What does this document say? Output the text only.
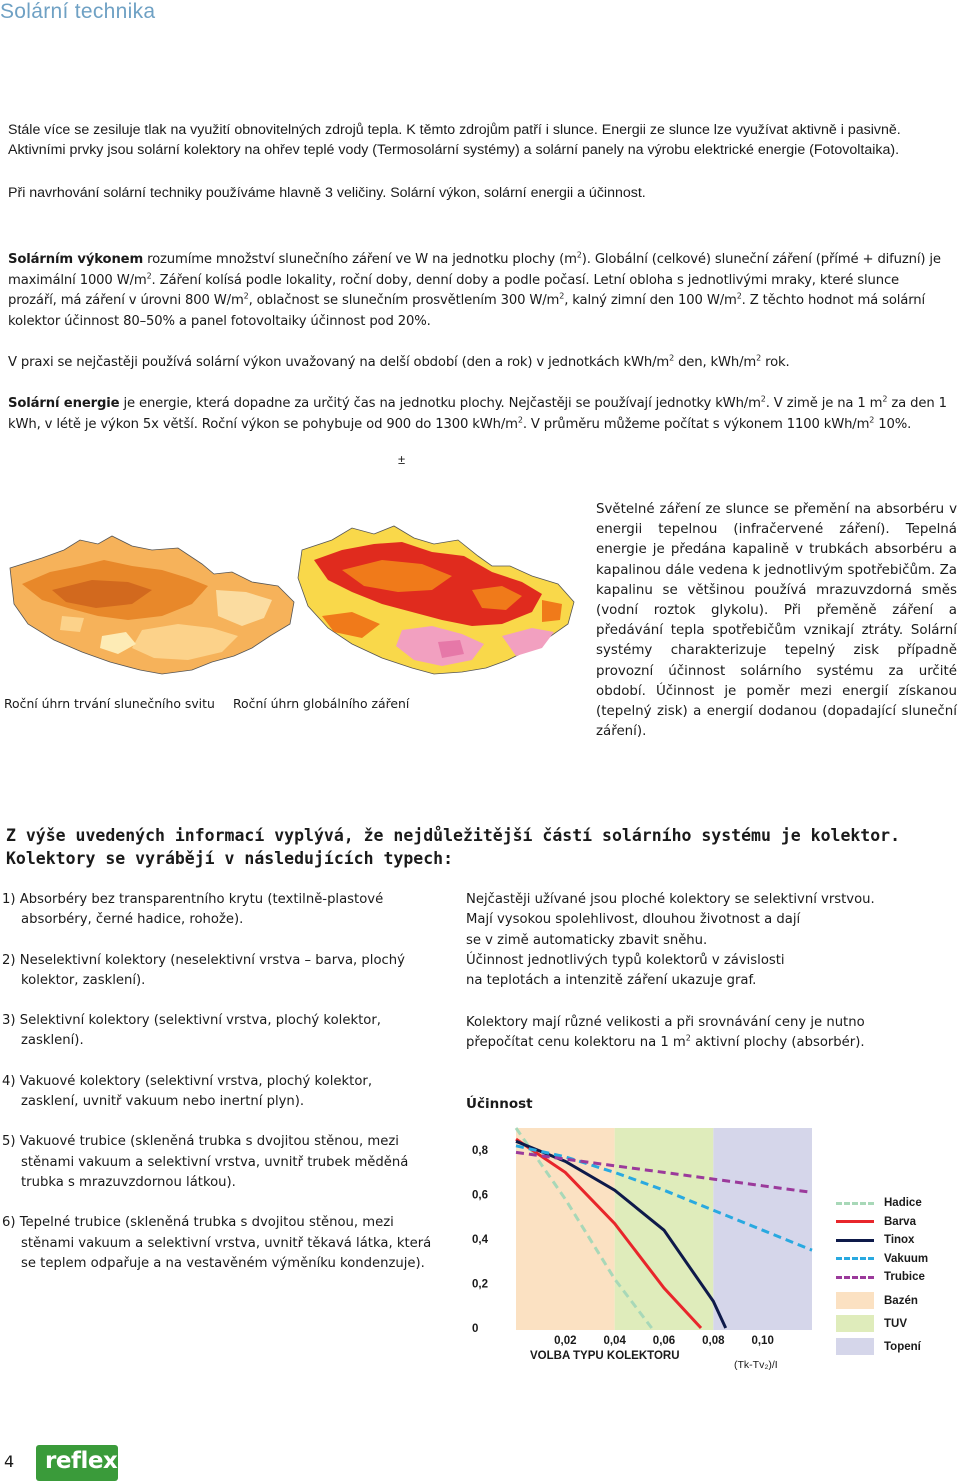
Solární technika

Stále více se zesiluje tlak na využití obnovitelných zdrojů tepla. K těmto zdrojům patří i slunce. Energii ze slunce lze využívat aktivně i pasivně. Aktivními prvky jsou solární kolektory na ohřev teplé vody (Termosolární systémy) a solární panely na výrobu elektrické energie (Fotovoltaika).

Při navrhování solární techniky používáme hlavně 3 veličiny. Solární výkon, solární energii a účinnost.

Solárním výkonem rozumíme množství slunečního záření ve W na jednotku plochy $(m^2)$. Globální (celkové) sluneční záření (přímé + difuzní) je maximální 1000 $W/m^2$. Záření kolísá podle lokality, roční doby, denní doby a podle počasí. Letní obloha s jednotlivými mraky, které slunce prozáří, má záření v úrovni 800 $W/m^2$, oblačnost se slunečním prosvětlením 300 $W/m^2$, kalný zimní den 100 $W/m^2$. Z těchto hodnot má solární kolektor účinnost 80–50% a panel fotovoltaiky účinnost pod 20%.

V praxi se nejčastěji používá solární výkon uvažovaný na delší období (den a rok) v jednotkách kWh/$m^2$ den, kWh/$m^2$ rok.

Solární energie je energie, která dopadne za určitý čas na jednotku plochy. Nejčastěji se používají jednotky kWh/$m^2$. V zimě je na 1 $m^2$ za den 1 kWh, v létě je výkon 5x větší. Roční výkon se pohybuje od 900 do 1300 kWh/$m^2$. V průměru můžeme počítat s výkonem 1100 kWh/$m^2$ 10%.

±
Roční úhrn trvání slunečního svitu Roční úhrn globálního záření
Světelné záření ze slunce se přemění na absorbéru v energii tepelnou (infračervené záření). Tepelná energie je předána kapalině v trubkách absorbéru a kapalinou dále vedena k jednotlivým spotřebičům. Za kapalinu se většinou používá mrazuvzdorná směs (vodní roztok glykolu). Při přeměně záření a předávání tepla spotřebičům vznikají ztráty. Solární systémy charakterizuje tepelný zisk případně provozní účinnost solárního systému za určité období. Účinnost je poměr mezi energií získanou (tepelný zisk) a energií dodanou (dopadající sluneční záření).
Z výše uvedených informací vyplývá, že nejdůležitější částí solárního systému je kolektor. Kolektory se vyrábějí v následujících typech:

1) Absorbéry bez transparentního krytu (textilně-plastové absorbéry, černé hadice, rohože).

2) Neselektivní kolektory (neselektivní vrstva – barva, plochý kolektor, zasklení).

3) Selektivní kolektory (selektivní vrstva, plochý kolektor, zasklení).

4) Vakuové kolektory (selektivní vrstva, plochý kolektor, zasklení, uvnitř vakuum nebo inertní plyn).

5) Vakuové trubice (skleněná trubka s dvojitou stěnou, mezi stěnami vakuum a selektivní vrstva, uvnitř trubek měděná trubka s mrazuvzdornou látkou).

6) Tepelné trubice (skleněná trubka s dvojitou stěnou, mezi stěnami vakuum a selektivní vrstva, uvnitř těkavá látka, která se teplem odpařuje a na vestavěném výměníku kondenzuje).

Nejčastěji užívané jsou ploché kolektory se selektivní vrstvou.

Mají vysokou spolehlivost, dlouhou životnost a dají

se v zimě automaticky zbavit sněhu.

Účinnost jednotlivých typů kolektorů v závislosti

na teplotách a intenzitě záření ukazuje graf.

Kolektory mají různé velikosti a při srovnávání ceny je nutno

přepočítat cenu kolektoru na 1 $m^2$ aktivní plochy (absorbér).

Účinnost
0
0,2
0,4
0,6
0,8
0,02 0,04 0,06 0,08 0,10
VOLBA TYPU KOLEKTORU
(Tk-Tv₂)/I
Hadice
Barva
Tinox
Vakuum
Trubice
Bazén
TUV
Topení
4 reflex
